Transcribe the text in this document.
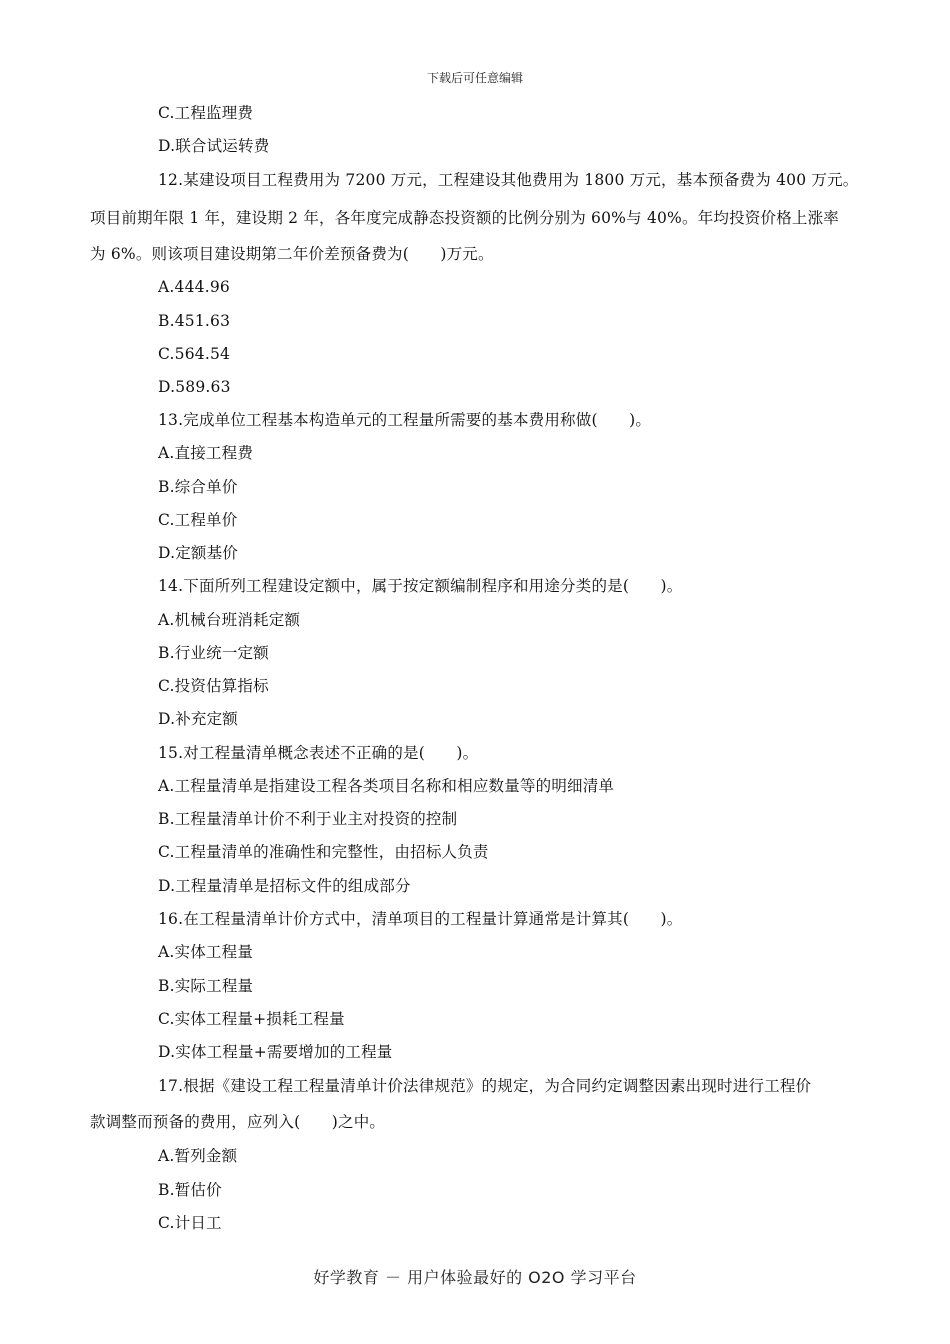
下载后可任意编辑
C.工程监理费
D.联合试运转费
12.某建设项目工程费用为 7200 万元，工程建设其他费用为 1800 万元，基本预备费为 400 万元。
项目前期年限 1 年，建设期 2 年，各年度完成静态投资额的比例分别为 60%与 40%。年均投资价格上涨率
为 6%。则该项目建设期第二年价差预备费为(　　)万元。
A.444.96
B.451.63
C.564.54
D.589.63
13.完成单位工程基本构造单元的工程量所需要的基本费用称做(　　)。
A.直接工程费
B.综合单价
C.工程单价
D.定额基价
14.下面所列工程建设定额中，属于按定额编制程序和用途分类的是(　　)。
A.机械台班消耗定额
B.行业统一定额
C.投资估算指标
D.补充定额
15.对工程量清单概念表述不正确的是(　　)。
A.工程量清单是指建设工程各类项目名称和相应数量等的明细清单
B.工程量清单计价不利于业主对投资的控制
C.工程量清单的准确性和完整性，由招标人负责
D.工程量清单是招标文件的组成部分
16.在工程量清单计价方式中，清单项目的工程量计算通常是计算其(　　)。
A.实体工程量
B.实际工程量
C.实体工程量+损耗工程量
D.实体工程量+需要增加的工程量
17.根据《建设工程工程量清单计价法律规范》的规定，为合同约定调整因素出现时进行工程价
款调整而预备的费用，应列入(　　)之中。
A.暂列金额
B.暂估价
C.计日工
好学教育 － 用户体验最好的 O2O 学习平台
